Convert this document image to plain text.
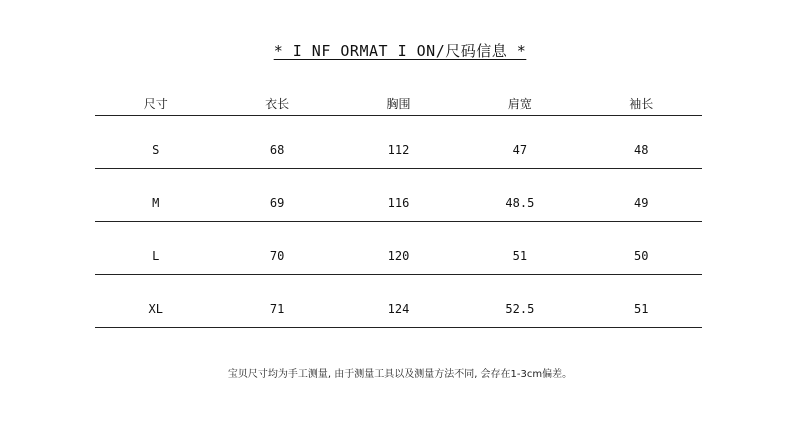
* I NF ORMAT I ON/尺码信息 *
尺寸	衣长	胸围	肩宽	袖长
S	68	112	47	48
M	69	116	48.5	49
L	70	120	51	50
XL	71	124	52.5	51
宝贝尺寸均为手工测量, 由于测量工具以及测量方法不同, 会存在1-3cm偏差。
